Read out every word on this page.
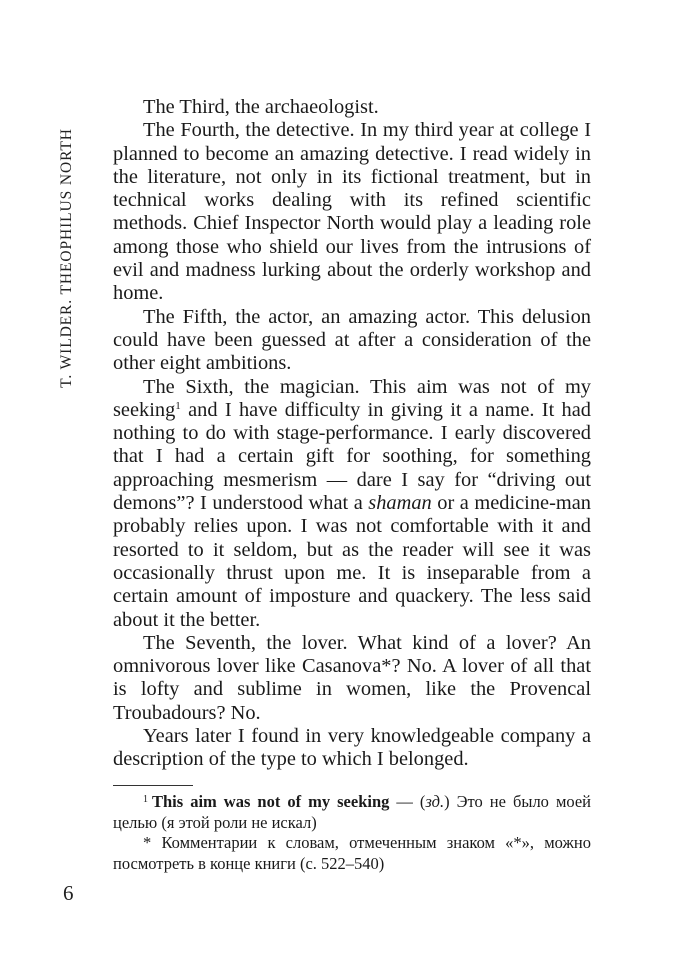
T. WILDER. THEOPHILUS NORTH

The Third, the archaeologist.

The Fourth, the detective. In my third year at college I planned to become an amazing detective. I read widely in the literature, not only in its fictional treatment, but in technical works dealing with its refined scientific methods. Chief Inspector North would play a leading role among those who shield our lives from the intrusions of evil and madness lurking about the orderly workshop and home.

The Fifth, the actor, an amazing actor. This delusion could have been guessed at after a consideration of the other eight ambitions.

The Sixth, the magician. This aim was not of my seeking$^1$ and I have difficulty in giving it a name. It had nothing to do with stage-performance. I early discovered that I had a certain gift for soothing, for something approaching mesmerism — dare I say for “driving out demons”? I understood what a shaman or a medicine-man probably relies upon. I was not comfortable with it and resorted to it seldom, but as the reader will see it was occasionally thrust upon me. It is inseparable from a certain amount of imposture and quackery. The less said about it the better.

The Seventh, the lover. What kind of a lover? An omnivorous lover like Casanova*? No. A lover of all that is lofty and sublime in women, like the Provencal Troubadours? No.

Years later I found in very knowledgeable company a description of the type to which I belonged.

$^1$ This aim was not of my seeking — (зд.) Это не было моей целью (я этой роли не искал)

* Комментарии к словам, отмеченным знаком «*», можно посмотреть в конце книги (с. 522–540)

6
